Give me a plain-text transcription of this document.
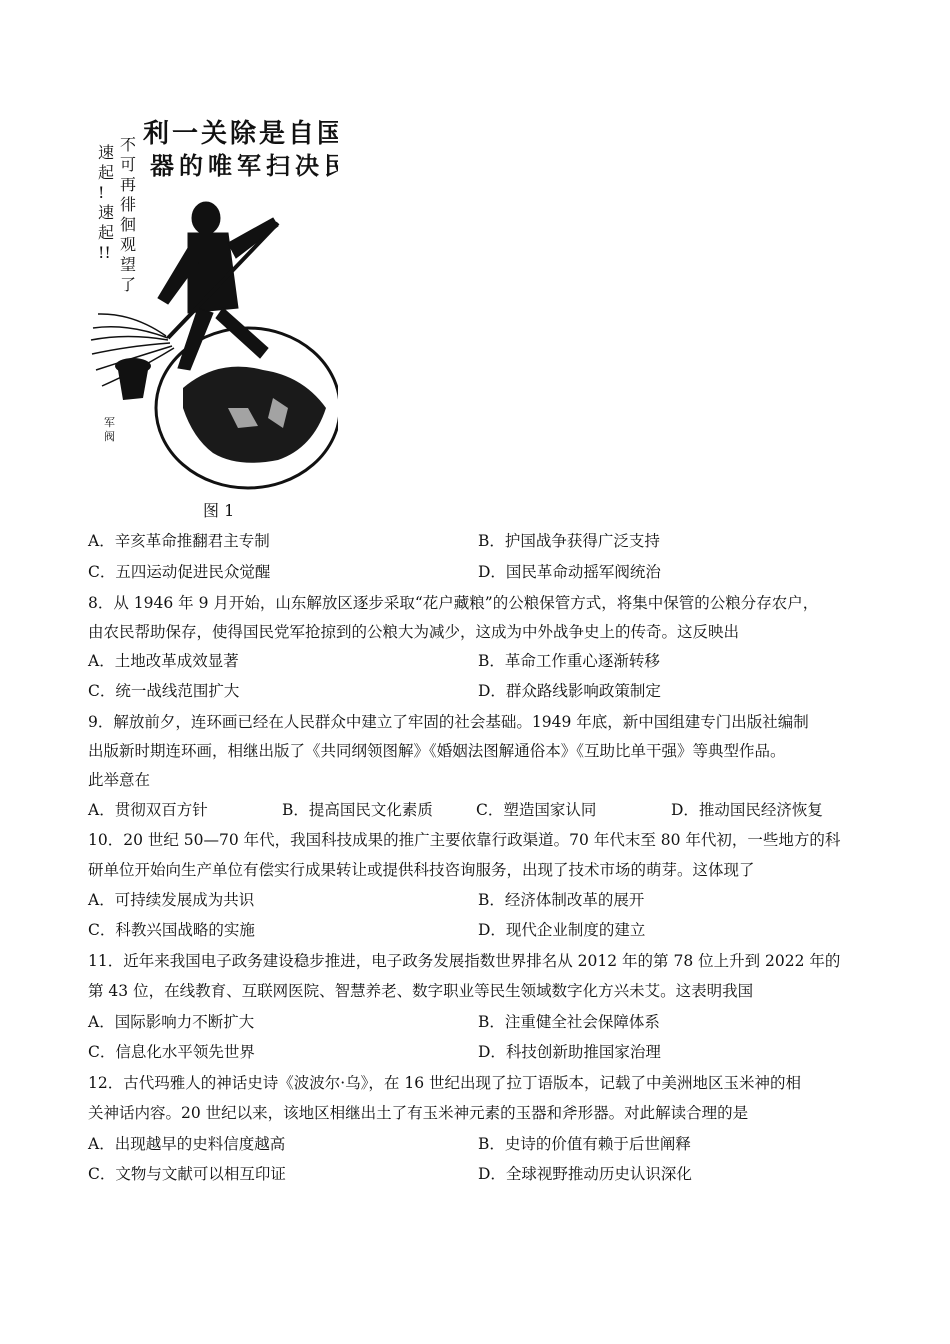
利一关除是自国
器的唯军扫决民
不
可
再
徘
徊
观
望
了
速
起
!
速
起
!!
军
阀
图 1
A．辛亥革命推翻君主专制	B．护国战争获得广泛支持
C．五四运动促进民众觉醒	D．国民革命动摇军阀统治
8．从 1946 年 9 月开始，山东解放区逐步采取“花户藏粮”的公粮保管方式，将集中保管的公粮分存农户，
由农民帮助保存，使得国民党军抢掠到的公粮大为减少，这成为中外战争史上的传奇。这反映出
A．土地改革成效显著	B．革命工作重心逐渐转移
C．统一战线范围扩大	D．群众路线影响政策制定
9．解放前夕，连环画已经在人民群众中建立了牢固的社会基础。1949 年底，新中国组建专门出版社编制
出版新时期连环画，相继出版了《共同纲领图解》《婚姻法图解通俗本》《互助比单干强》等典型作品。
此举意在
A．贯彻双百方针	B．提高国民文化素质	C．塑造国家认同	D．推动国民经济恢复
10．20 世纪 50—70 年代，我国科技成果的推广主要依靠行政渠道。70 年代末至 80 年代初，一些地方的科
研单位开始向生产单位有偿实行成果转让或提供科技咨询服务，出现了技术市场的萌芽。这体现了
A．可持续发展成为共识	B．经济体制改革的展开
C．科教兴国战略的实施	D．现代企业制度的建立
11．近年来我国电子政务建设稳步推进，电子政务发展指数世界排名从 2012 年的第 78 位上升到 2022 年的
第 43 位，在线教育、互联网医院、智慧养老、数字职业等民生领域数字化方兴未艾。这表明我国
A．国际影响力不断扩大	B．注重健全社会保障体系
C．信息化水平领先世界	D．科技创新助推国家治理
12．古代玛雅人的神话史诗《波波尔·乌》，在 16 世纪出现了拉丁语版本，记载了中美洲地区玉米神的相
关神话内容。20 世纪以来，该地区相继出土了有玉米神元素的玉器和斧形器。对此解读合理的是
A．出现越早的史料信度越高	B．史诗的价值有赖于后世阐释
C．文物与文献可以相互印证	D．全球视野推动历史认识深化
